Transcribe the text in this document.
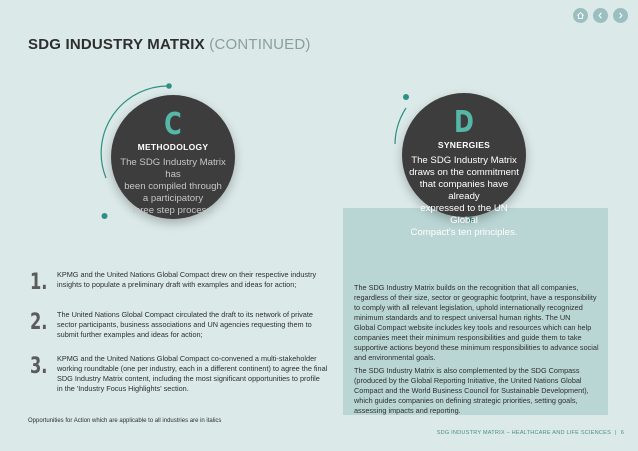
SDG INDUSTRY MATRIX (CONTINUED)
C
METHODOLOGY
The SDG Industry Matrix has
been compiled through
a participatory
three step process:
D
SYNERGIES
The SDG Industry Matrix
draws on the commitment
that companies have already
expressed to the UN Global
Compact's ten principles.
1. KPMG and the United Nations Global Compact drew on their respective industry
insights to populate a preliminary draft with examples and ideas for action;
2. The United Nations Global Compact circulated the draft to its network of private
sector participants, business associations and UN agencies requesting them to
submit further examples and ideas for action;
3. KPMG and the United Nations Global Compact co-convened a multi-stakeholder
working roundtable (one per industry, each in a different continent) to agree the final
SDG Industry Matrix content, including the most significant opportunities to profile
in the 'Industry Focus Highlights' section.
The SDG Industry Matrix builds on the recognition that all companies,
regardless of their size, sector or geographic footprint, have a responsibility
to comply with all relevant legislation, uphold internationally recognized
minimum standards and to respect universal human rights. The UN
Global Compact website includes key tools and resources which can help
companies meet their minimum responsibilities and guide them to take
supportive actions beyond these minimum responsibilities to advance social
and environmental goals.
The SDG Industry Matrix is also complemented by the SDG Compass
(produced by the Global Reporting Initiative, the United Nations Global
Compact and the World Business Council for Sustainable Development),
which guides companies on defining strategic priorities, setting goals,
assessing impacts and reporting.
Opportunities for Action which are applicable to all industries are in italics
SDG INDUSTRY MATRIX – HEALTHCARE AND LIFE SCIENCES | 6
